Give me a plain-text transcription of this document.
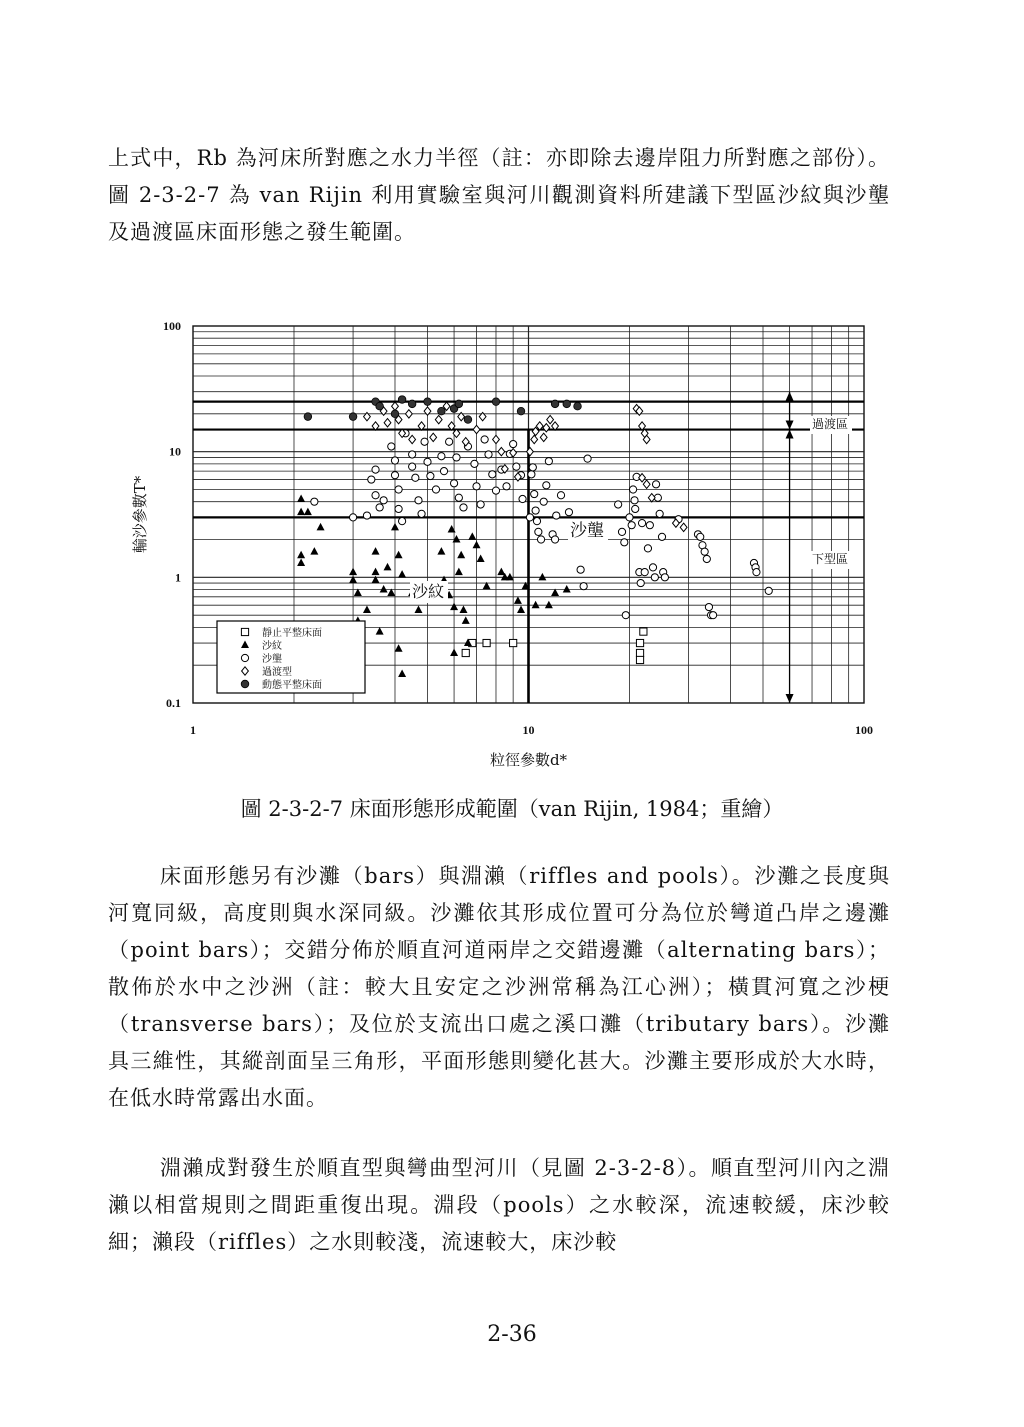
上式中，Rb 為河床所對應之水力半徑（註：亦即除去邊岸阻力所對應之部份）。圖 2-3-2-7 為 van Rijin 利用實驗室與河川觀測資料所建議下型區沙紋與沙壟及過渡區床面形態之發生範圍。

100
10
1
0.1
1	10	100
靜止平整床面
沙紋
沙壟
過渡型
動態平整床面
粒徑參數d*
輸沙參數T*
過渡區
下型區
沙壟
沙紋

圖 2-3-2-7 床面形態形成範圍（van Rijin, 1984；重繪）

床面形態另有沙灘（bars）與淵瀨（riffles and pools）。沙灘之長度與河寬同級，高度則與水深同級。沙灘依其形成位置可分為位於彎道凸岸之邊灘（point bars）；交錯分佈於順直河道兩岸之交錯邊灘（alternating bars）；散佈於水中之沙洲（註：較大且安定之沙洲常稱為江心洲）；橫貫河寬之沙梗（transverse bars）；及位於支流出口處之溪口灘（tributary bars）。沙灘具三維性，其縱剖面呈三角形，平面形態則變化甚大。沙灘主要形成於大水時，在低水時常露出水面。

淵瀨成對發生於順直型與彎曲型河川（見圖 2-3-2-8）。順直型河川內之淵瀨以相當規則之間距重復出現。淵段（pools）之水較深，流速較緩，床沙較細；瀨段（riffles）之水則較淺，流速較大，床沙較

2-36
